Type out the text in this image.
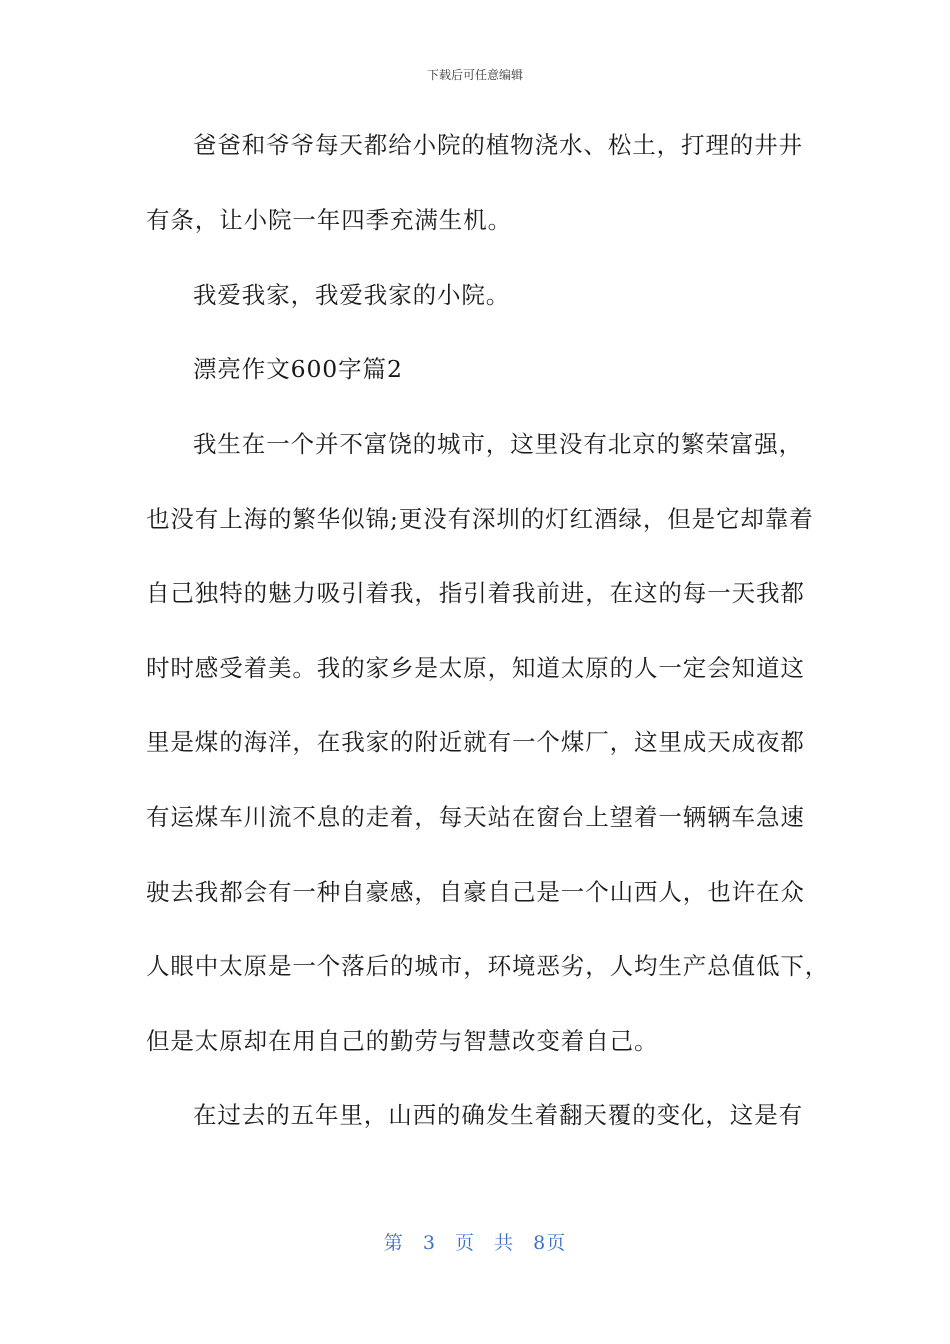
下载后可任意编辑
爸爸和爷爷每天都给小院的植物浇水、松土，打理的井井
有条，让小院一年四季充满生机。
我爱我家，我爱我家的小院。
漂亮作文600字篇2
我生在一个并不富饶的城市，这里没有北京的繁荣富强，
也没有上海的繁华似锦;更没有深圳的灯红酒绿，但是它却靠着
自己独特的魅力吸引着我，指引着我前进，在这的每一天我都
时时感受着美。我的家乡是太原，知道太原的人一定会知道这
里是煤的海洋，在我家的附近就有一个煤厂，这里成天成夜都
有运煤车川流不息的走着，每天站在窗台上望着一辆辆车急速
驶去我都会有一种自豪感，自豪自己是一个山西人，也许在众
人眼中太原是一个落后的城市，环境恶劣，人均生产总值低下，
但是太原却在用自己的勤劳与智慧改变着自己。
在过去的五年里，山西的确发生着翻天覆的变化，这是有
第 3 页 共 8页
